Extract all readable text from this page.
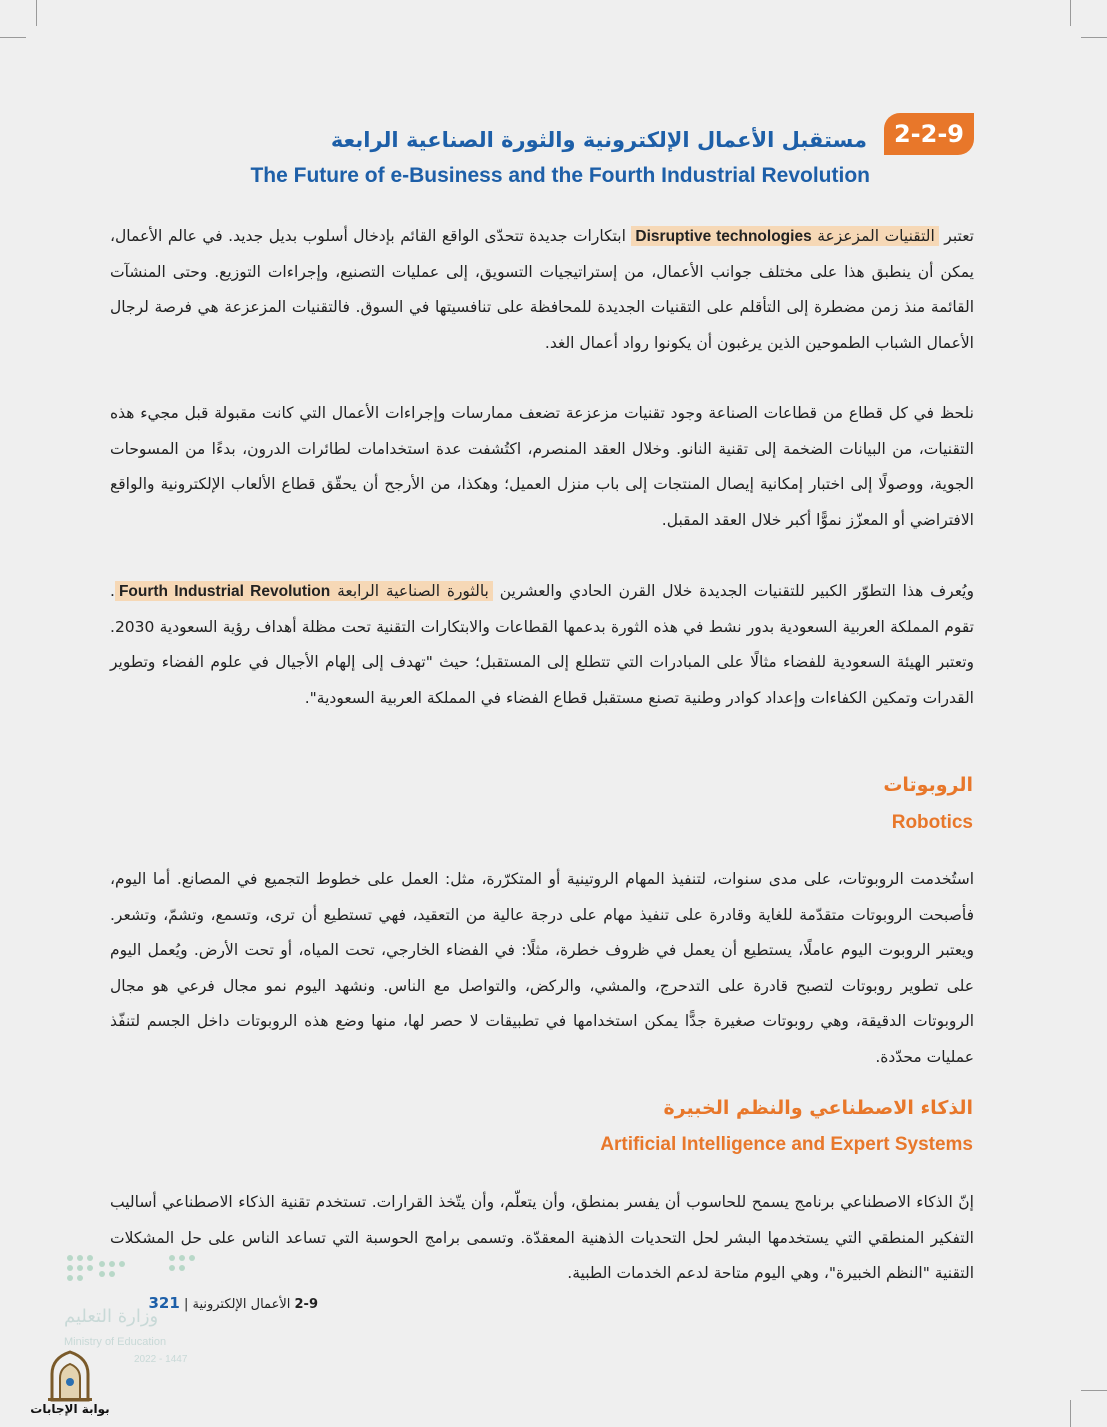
2-2-9
مستقبل الأعمال الإلكترونية والثورة الصناعية الرابعة
The Future of e-Business and the Fourth Industrial Revolution
تعتبر التقنيات المزعزعة Disruptive technologies ابتكارات جديدة تتحدّى الواقع القائم بإدخال أسلوب بديل جديد. في عالم الأعمال، يمكن أن ينطبق هذا على مختلف جوانب الأعمال، من إستراتيجيات التسويق، إلى عمليات التصنيع، وإجراءات التوزيع. وحتى المنشآت القائمة منذ زمن مضطرة إلى التأقلم على التقنيات الجديدة للمحافظة على تنافسيتها في السوق. فالتقنيات المزعزعة هي فرصة لرجال الأعمال الشباب الطموحين الذين يرغبون أن يكونوا رواد أعمال الغد.
نلحظ في كل قطاع من قطاعات الصناعة وجود تقنيات مزعزعة تضعف ممارسات وإجراءات الأعمال التي كانت مقبولة قبل مجيء هذه التقنيات، من البيانات الضخمة إلى تقنية النانو. وخلال العقد المنصرم، اكتُشفت عدة استخدامات لطائرات الدرون، بدءًا من المسوحات الجوية، ووصولًا إلى اختبار إمكانية إيصال المنتجات إلى باب منزل العميل؛ وهكذا، من الأرجح أن يحقّق قطاع الألعاب الإلكترونية والواقع الافتراضي أو المعزّز نموًّا أكبر خلال العقد المقبل.
ويُعرف هذا التطوّر الكبير للتقنيات الجديدة خلال القرن الحادي والعشرين بالثورة الصناعية الرابعة Fourth Industrial Revolution. تقوم المملكة العربية السعودية بدور نشط في هذه الثورة بدعمها القطاعات والابتكارات التقنية تحت مظلة أهداف رؤية السعودية 2030. وتعتبر الهيئة السعودية للفضاء مثالًا على المبادرات التي تتطلع إلى المستقبل؛ حيث "تهدف إلى إلهام الأجيال في علوم الفضاء وتطوير القدرات وتمكين الكفاءات وإعداد كوادر وطنية تصنع مستقبل قطاع الفضاء في المملكة العربية السعودية".
الروبوتات
Robotics
استُخدمت الروبوتات، على مدى سنوات، لتنفيذ المهام الروتينية أو المتكرّرة، مثل: العمل على خطوط التجميع في المصانع. أما اليوم، فأصبحت الروبوتات متقدّمة للغاية وقادرة على تنفيذ مهام على درجة عالية من التعقيد، فهي تستطيع أن ترى، وتسمع، وتشمّ، وتشعر. ويعتبر الروبوت اليوم عاملًا، يستطيع أن يعمل في ظروف خطرة، مثلًا: في الفضاء الخارجي، تحت المياه، أو تحت الأرض. ويُعمل اليوم على تطوير روبوتات لتصبح قادرة على التدحرج، والمشي، والركض، والتواصل مع الناس. ونشهد اليوم نمو مجال فرعي هو مجال الروبوتات الدقيقة، وهي روبوتات صغيرة جدًّا يمكن استخدامها في تطبيقات لا حصر لها، منها وضع هذه الروبوتات داخل الجسم لتنفّذ عمليات محدّدة.
الذكاء الاصطناعي والنظم الخبيرة
Artificial Intelligence and Expert Systems
إنّ الذكاء الاصطناعي برنامج يسمح للحاسوب أن يفسر بمنطق، وأن يتعلّم، وأن يتّخذ القرارات. تستخدم تقنية الذكاء الاصطناعي أساليب التفكير المنطقي التي يستخدمها البشر لحل التحديات الذهنية المعقدّة. وتسمى برامج الحوسبة التي تساعد الناس على حل المشكلات التقنية "النظم الخبيرة"، وهي اليوم متاحة لدعم الخدمات الطبية.
وزارة التعليم
Ministry of Education
2022 - 1447
2-9 الأعمال الإلكترونية | 321
بوابة الإجابات
